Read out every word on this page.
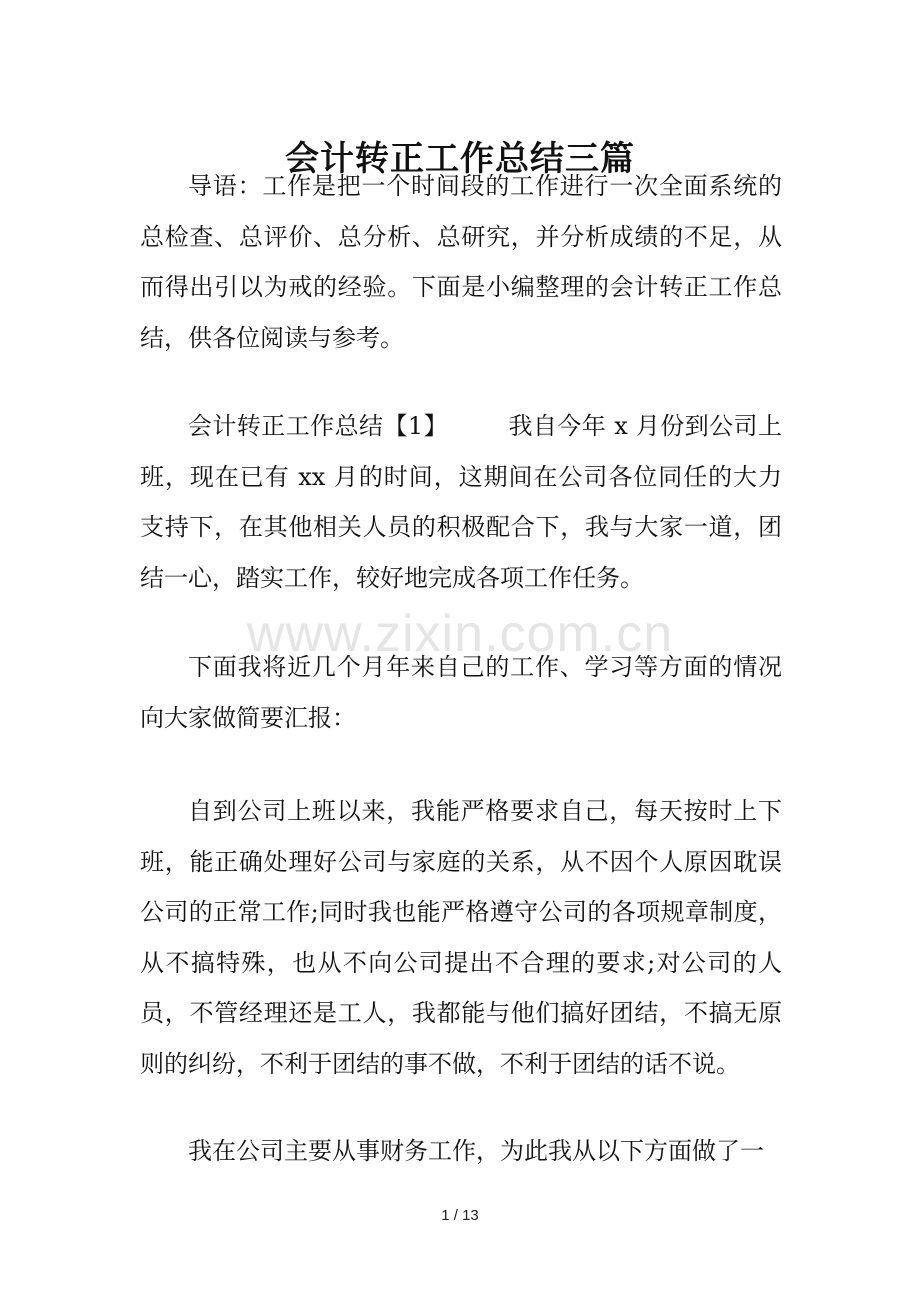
会计转正工作总结三篇

导语：工作是把一个时间段的工作进行一次全面系统的总检查、总评价、总分析、总研究，并分析成绩的不足，从而得出引以为戒的经验。下面是小编整理的会计转正工作总结，供各位阅读与参考。

会计转正工作总结【1】	我自今年 x 月份到公司上班，现在已有 xx 月的时间，这期间在公司各位同任的大力支持下，在其他相关人员的积极配合下，我与大家一道，团结一心，踏实工作，较好地完成各项工作任务。

www.zixin.com.cn

下面我将近几个月年来自己的工作、学习等方面的情况向大家做简要汇报：

自到公司上班以来，我能严格要求自己，每天按时上下班，能正确处理好公司与家庭的关系，从不因个人原因耽误公司的正常工作;同时我也能严格遵守公司的各项规章制度，从不搞特殊，也从不向公司提出不合理的要求;对公司的人员，不管经理还是工人，我都能与他们搞好团结，不搞无原则的纠纷，不利于团结的事不做，不利于团结的话不说。

我在公司主要从事财务工作，为此我从以下方面做了一

1 / 13
